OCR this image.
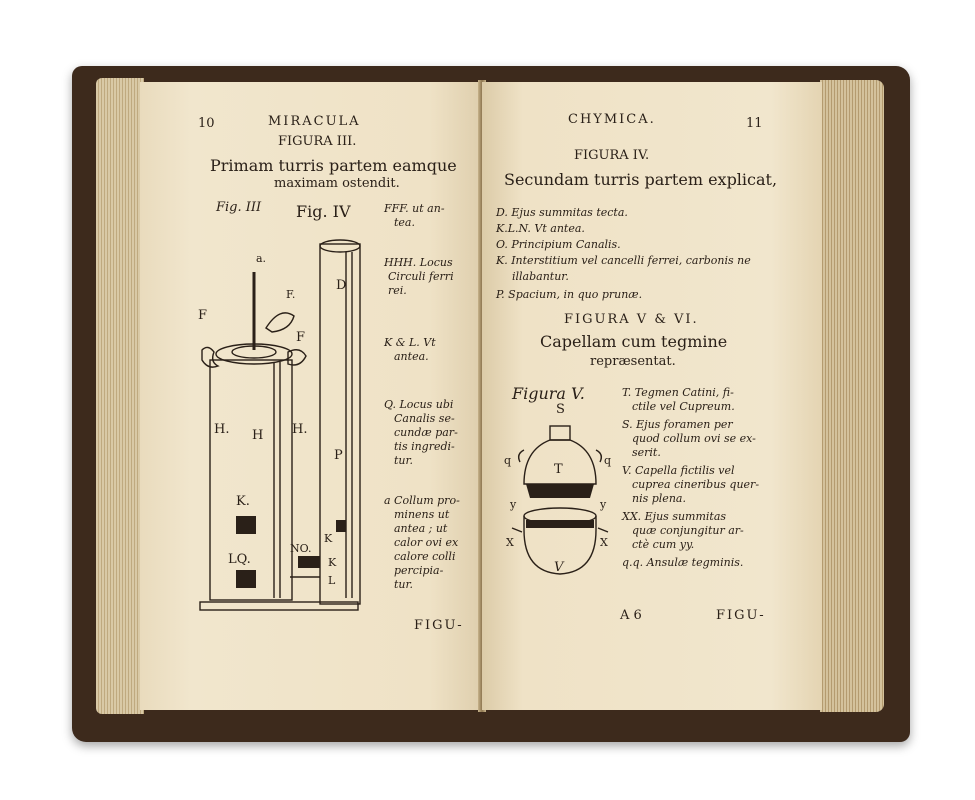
10	MIRACULA
FIGURA III.
Primam turris partem eamque
maximam ostendit.
Fig. III Fig. IV
a.
F
F.
F
D
P
H. H H.
K.
LQ.
NO.
K
K
L
FFF. ut an-
tea.
HHH. Locus
Circuli ferri
rei.
K & L. Vt
antea.
Q. Locus ubi
Canalis se-
cundæ par-
tis ingredi-
tur.
a Collum pro-
minens ut
antea ; ut
calor ovi ex
calore colli
percipia-
tur.
FIGU-
CHYMICA.	11
FIGURA IV.
Secundam turris partem explicat,
D. Ejus summitas tecta.
K.L.N. Vt antea.
O. Principium Canalis.
K. Interstitium vel cancelli ferrei, carbonis ne
illabantur.
P. Spacium, in quo prunæ.
FIGURA V & VI.
Capellam cum tegmine
repræsentat.
Figura V.
S
T
V
q	q
y	y
X	X
T. Tegmen Catini, fi-
ctile vel Cupreum.
S. Ejus foramen per
quod collum ovi se ex-
serit.
V. Capella fictilis vel
cuprea cineribus quer-
nis plena.
XX. Ejus summitas
quæ conjungitur ar-
ctè cum yy.
q.q. Ansulæ tegminis.
A 6	FIGU-
